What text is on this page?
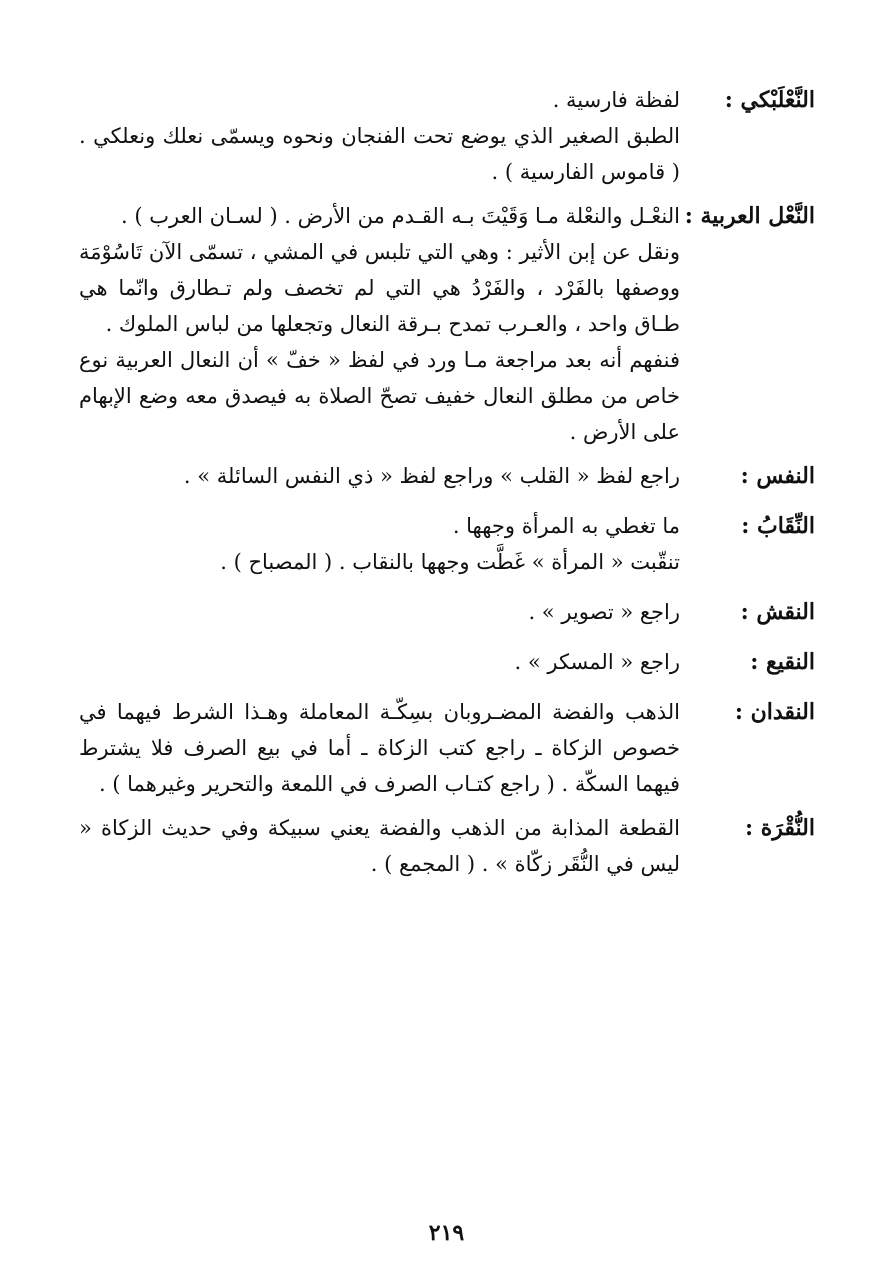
النَّعْلَبْكي :

لفظة فارسية .

الطبق الصغير الذي يوضع تحت الفنجان ونحوه ويسمّى نعلك ونعلكي . ( قاموس الفارسية ) .

النَّعْل العربية :

النعْـل والنعْلة مـا وَقَيْتَ بـه القـدم من الأرض . ( لسـان العرب ) .

ونقل عن إبن الأثير : وهي التي تلبس في المشي ، تسمّى الآن تَاسُوْمَة ووصفها بالفَرْد ، والفَرْدُ هي التي لم تخصف ولم تـطارق وانّما هي طـاق واحد ، والعـرب تمدح بـرقة النعال وتجعلها من لباس الملوك .

فنفهم أنه بعد مراجعة مـا ورد في لفظ « خفّ » أن النعال العربية نوع خاص من مطلق النعال خفيف تصحّ الصلاة به فيصدق معه وضع الإبهام على الأرض .

النفس :

راجع لفظ « القلب » وراجع لفظ « ذي النفس السائلة » .

النِّقَابُ :

ما تغطي به المرأة وجهها .

تنقّبت « المرأة » غَطَّت وجهها بالنقاب . ( المصباح ) .

النقش :

راجع « تصوير » .

النقيع :

راجع « المسكر » .

النقدان :

الذهب والفضة المضـروبان بسِكّـة المعاملة وهـذا الشرط فيهما في خصوص الزكاة ـ راجع كتب الزكاة ـ أما في بيع الصرف فلا يشترط فيهما السكّة . ( راجع كتـاب الصرف في اللمعة والتحرير وغيرهما ) .

النُّقْرَة :

القطعة المذابة من الذهب والفضة يعني سبيكة وفي حديث الزكاة « ليس في النُّقَر زكّاة » . ( المجمع ) .

٢١٩
